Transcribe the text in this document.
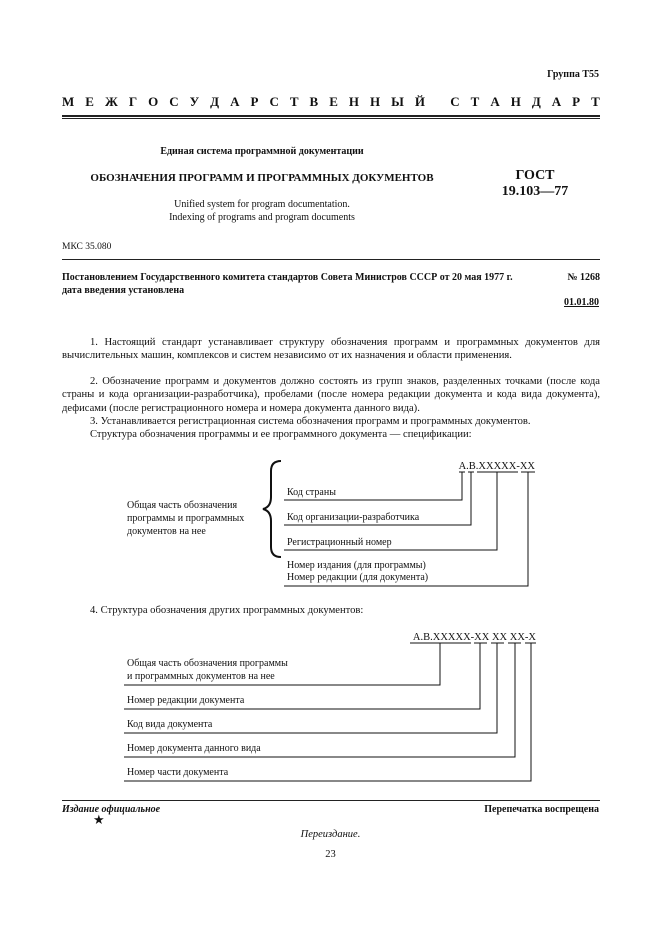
Группа Т55
М Е Ж Г О С У Д А Р С Т В Е Н Н Ы Й
С Т А Н Д А Р Т
Единая система программной документации
ОБОЗНАЧЕНИЯ ПРОГРАММ И ПРОГРАММНЫХ ДОКУМЕНТОВ
Unified system for program documentation.
Indexing of programs and program documents
ГОСТ
19.103—77
МКС 35.080
Постановлением Государственного комитета стандартов Совета Министров СССР от 20 мая 1977 г.	№ 1268
дата введения установлена
01.01.80
1. Настоящий стандарт устанавливает структуру обозначения программ и программных документов для вычислительных машин, комплексов и систем независимо от их назначения и области применения.
2. Обозначение программ и документов должно состоять из групп знаков, разделенных точками (после кода страны и кода организации-разработчика), пробелами (после номера редакции документа и кода вида документа), дефисами (после регистрационного номера и номера документа данного вида).
3. Устанавливается регистрационная система обозначения программ и программных документов.
Структура обозначения программы и ее программного документа — спецификации:
А.В.ХХХХХ-ХХ
Общая часть обозначения
программы и программных
документов на нее
Код страны
Код организации-разработчика
Регистрационный номер
Номер издания (для программы)
Номер редакции (для документа)
А.В.ХХХХХ-ХХ ХХ ХХ-Х
Общая часть обозначения программы
и программных документов на нее
Номер редакции документа
Код вида документа
Номер документа данного вида
Номер части документа
4. Структура обозначения других программных документов:
Издание официальное	Перепечатка воспрещена
★
Переиздание.
23
